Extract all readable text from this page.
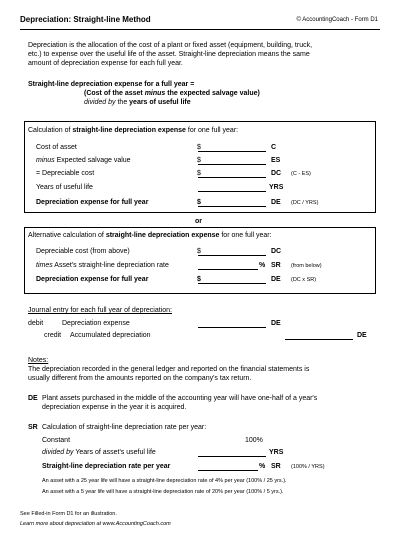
Depreciation: Straight-line Method	© AccountingCoach - Form D1
Depreciation is the allocation of the cost of a plant or fixed asset (equipment, building, truck,
etc.) to expense over the useful life of the asset. Straight-line depreciation means the same
amount of depreciation expense for each full year.
Straight-line depreciation expense for a full year =
(Cost of the asset minus the expected salvage value)
divided by the years of useful life
Calculation of straight-line depreciation expense for one full year:
Cost of asset	$	C
minus Expected salvage value	$	ES
= Depreciable cost	$	DC (C - ES)
Years of useful life	YRS
Depreciation expense for full year	$	DE (DC / YRS)
or
Alternative calculation of straight-line depreciation expense for one full year:
Depreciable cost (from above)	$	DC
times Asset's straight-line depreciation rate	% SR (from below)
Depreciation expense for full year	$	DE (DC x SR)
Journal entry for each full year of depreciation:
debit	Depreciation expense	DE
credit Accumulated depreciation	DE
Notes:
The depreciation recorded in the general ledger and reported on the financial statements is
usually different from the amounts reported on the company's tax return.
DE Plant assets purchased in the middle of the accounting year will have one-half of a year's
depreciation expense in the year it is acquired.
SR Calculation of straight-line depreciation rate per year:
Constant	100%
divided by Years of asset's useful life	YRS
Straight-line depreciation rate per year	% SR (100% / YRS)
An asset with a 25 year life will have a straight-line depreciation rate of 4% per year (100% / 25 yrs.).
An asset with a 5 year life will have a straight-line depreciation rate of 20% per year (100% / 5 yrs.).
See Filled-in Form D1 for an illustration.
Learn more about depreciation at www.AccountingCoach.com
